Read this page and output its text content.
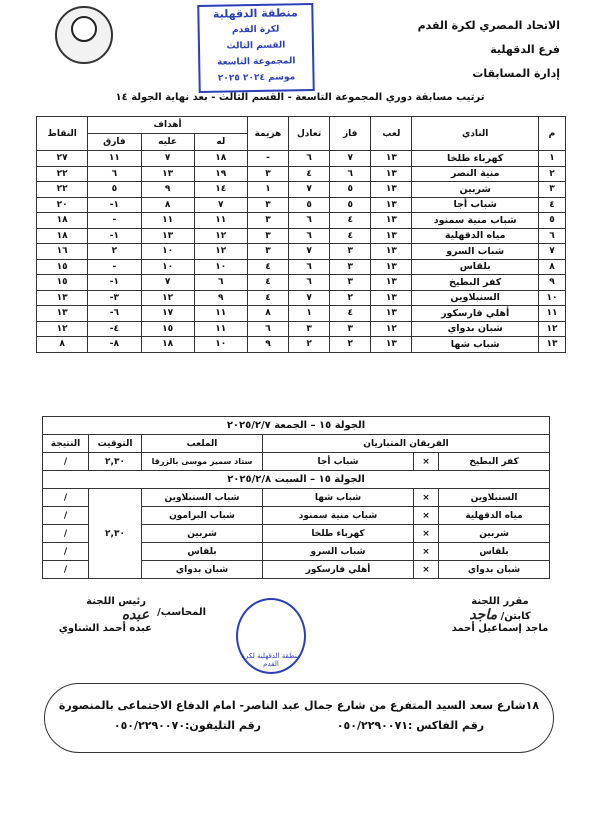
الاتحاد المصري لكرة القدم
فرع الدقهلية
إدارة المسابقات
منطقة الدقهلية
لكرة القدم
القسم الثالث
المجموعة التاسعة
موسم ٢٠٢٤ ٢٠٢٥
ترتيب مسابقة دوري المجموعة التاسعة - القسم الثالث - بعد نهاية الجولة ١٤
م	النادي	لعب	فاز	تعادل	هزيمة	أهداف			النقاط
						له	عليه	فارق	
١	كهرباء طلخا	١٣	٧	٦	-	١٨	٧	١١	٢٧
٢	منية النصر	١٣	٦	٤	٣	١٩	١٣	٦	٢٢
٣	شربين	١٣	٥	٧	١	١٤	٩	٥	٢٢
٤	شباب أجا	١٣	٥	٥	٣	٧	٨	١-	٢٠
٥	شباب منية سمنود	١٣	٤	٦	٣	١١	١١	-	١٨
٦	مياه الدقهلية	١٣	٤	٦	٣	١٢	١٣	١-	١٨
٧	شباب السرو	١٣	٣	٧	٣	١٢	١٠	٢	١٦
٨	بلقاس	١٣	٣	٦	٤	١٠	١٠	-	١٥
٩	كفر البطيخ	١٣	٣	٦	٤	٦	٧	١-	١٥
١٠	السنبلاوين	١٣	٢	٧	٤	٩	١٢	٣-	١٣
١١	أهلي فارسكور	١٣	٤	١	٨	١١	١٧	٦-	١٣
١٢	شبان بدواي	١٢	٣	٣	٦	١١	١٥	٤-	١٢
١٣	شباب شها	١٣	٢	٢	٩	١٠	١٨	٨-	٨
الجولة ١٥ – الجمعة ٢٠٢٥/٢/٧					
الفريقان المتباريان			الملعب	التوقيت	النتيجة
كفر البطيخ	×	شباب أجا	ستاد سمير موسى بالزرقا	٢,٣٠	/
الجولة ١٥ – السبت ٢٠٢٥/٢/٨					
السنبلاوين	×	شباب شها	شباب السنبلاوين	٢,٣٠	/
مياه الدقهلية	×	شباب منية سمنود	شباب البرامون		/
شربين	×	كهرباء طلخا	شربين		/
بلقاس	×	شباب السرو	بلقاس		/
شبان بدواي	×	أهلي فارسكور	شبان بدواي		/
مقرر اللجنة
كابتن/ ماجد
ماجد إسماعيل أحمد
منطقة الدقهلية لكرة القدم
رئيس اللجنة
المحاسب/
عبده
عبده أحمد الشناوي
١٨شارع سعد السيد المتفرع من شارع جمال عبد الناصر- امام الدفاع الاجتماعى بالمنصورة
رقم الفاكس :٠٥٠/٢٢٩٠٠٧١ رقم التليفون:٠٥٠/٢٢٩٠٠٧٠
